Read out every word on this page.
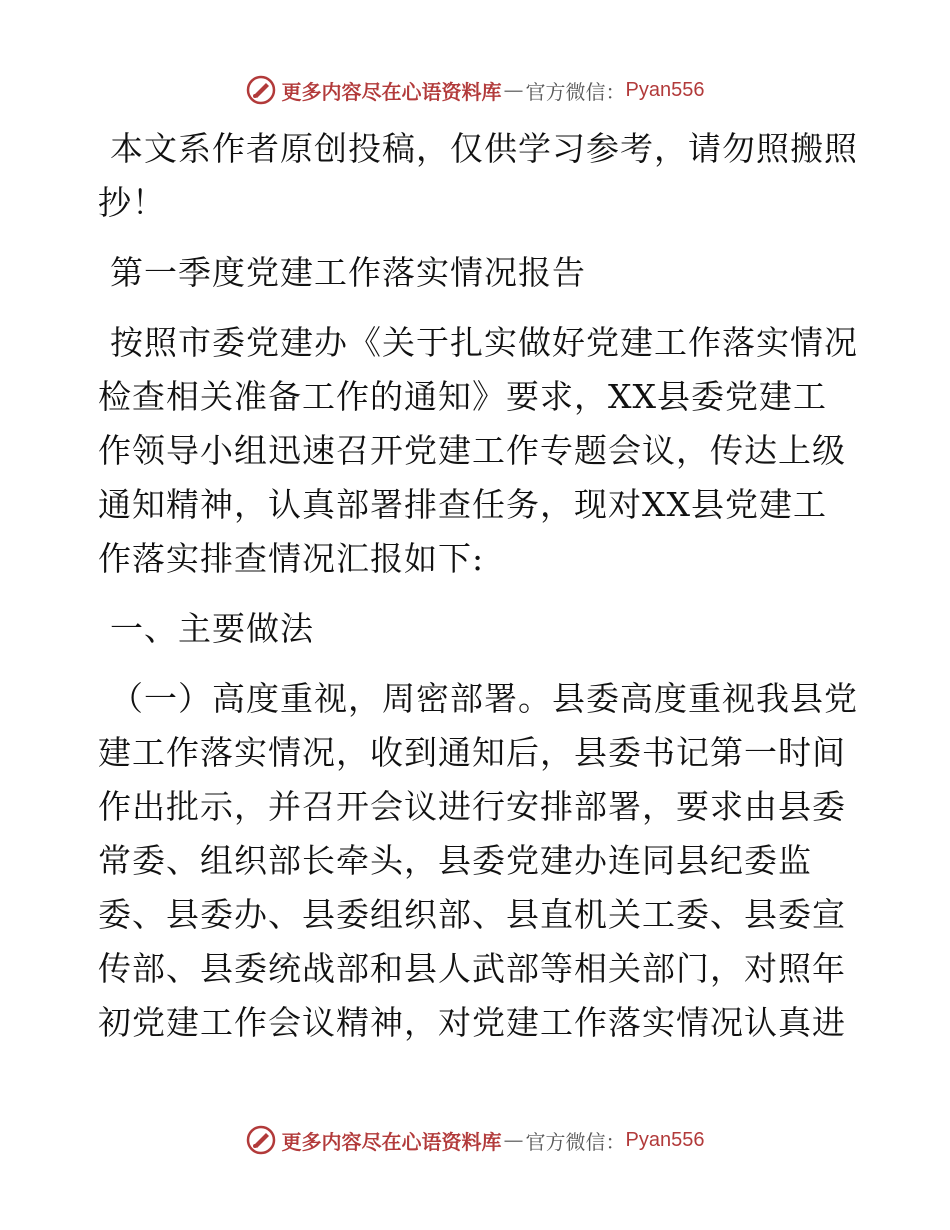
更多内容尽在心语资料库 — 官方微信： Pyan556

本文系作者原创投稿，仅供学习参考，请勿照搬照抄！

第一季度党建工作落实情况报告

按照市委党建办《关于扎实做好党建工作落实情况检查相关准备工作的通知》要求，XX县委党建工作领导小组迅速召开党建工作专题会议，传达上级通知精神，认真部署排查任务，现对XX县党建工作落实排查情况汇报如下:

一、主要做法

（一）高度重视，周密部署。县委高度重视我县党建工作落实情况，收到通知后，县委书记第一时间作出批示，并召开会议进行安排部署，要求由县委常委、组织部长牵头，县委党建办连同县纪委监委、县委办、县委组织部、县直机关工委、县委宣传部、县委统战部和县人武部等相关部门，对照年初党建工作会议精神，对党建工作落实情况认真进

更多内容尽在心语资料库 — 官方微信： Pyan556
